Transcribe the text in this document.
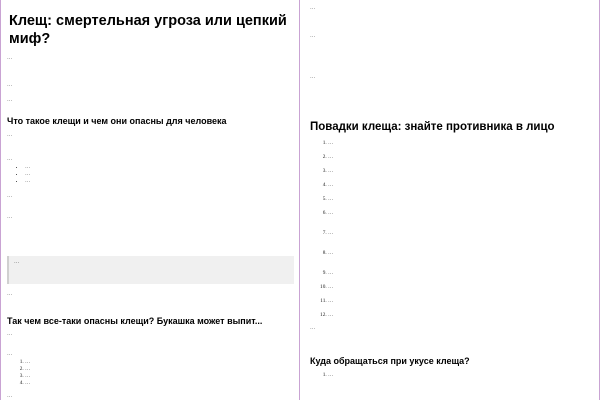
Клещ: смертельная угроза или цепкий миф?

…

…

…

Что такое клещи и чем они опасны для человека

…

…

• …
• …
• …

…

…

…

…

Так чем все-таки опасны клещи? Букашка может выпит...

…

…

1. …
2. …
3. …
4. …

…

…

…

…

Повадки клеща: знайте противника в лицо
1. …
2. …
3. …
4. …
5. …
6. …
7. …
8. …
9. …
10. …
11. …
12. …

…

Куда обращаться при укусе клеща?
1. …
